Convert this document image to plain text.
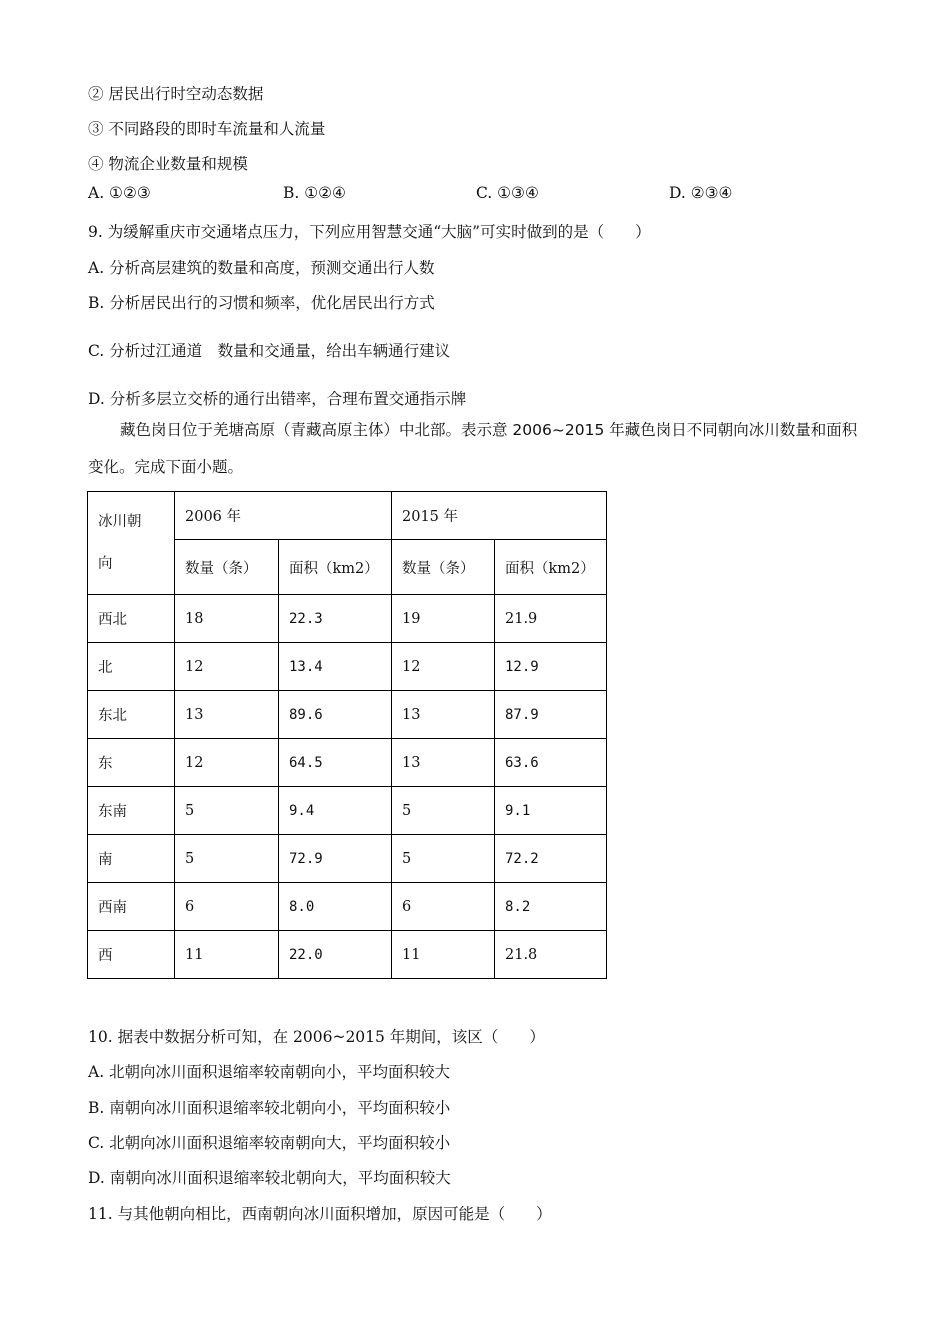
② 居民出行时空动态数据
③ 不同路段的即时车流量和人流量
④ 物流企业数量和规模
A. ①②③	B. ①②④	C. ①③④	D. ②③④
9. 为缓解重庆市交通堵点压力，下列应用智慧交通“大脑”可实时做到的是（　　）
A. 分析高层建筑的数量和高度，预测交通出行人数
B. 分析居民出行的习惯和频率，优化居民出行方式
C. 分析过江通道　数量和交通量，给出车辆通行建议
D. 分析多层立交桥的通行出错率，合理布置交通指示牌
藏色岗日位于羌塘高原（青藏高原主体）中北部。表示意 2006~2015 年藏色岗日不同朝向冰川数量和面积变化。完成下面小题。
冰川朝
向	2006 年		2015 年	
	数量（条）	面积（km2）	数量（条）	面积（km2）
西北	18	22.3	19	21.9
北	12	13.4	12	12.9
东北	13	89.6	13	87.9
东	12	64.5	13	63.6
东南	5	9.4	5	9.1
南	5	72.9	5	72.2
西南	6	8.0	6	8.2
西	11	22.0	11	21.8
10. 据表中数据分析可知，在 2006~2015 年期间，该区（　　）
A. 北朝向冰川面积退缩率较南朝向小，平均面积较大
B. 南朝向冰川面积退缩率较北朝向小，平均面积较小
C. 北朝向冰川面积退缩率较南朝向大，平均面积较小
D. 南朝向冰川面积退缩率较北朝向大，平均面积较大
11. 与其他朝向相比，西南朝向冰川面积增加，原因可能是（　　）
